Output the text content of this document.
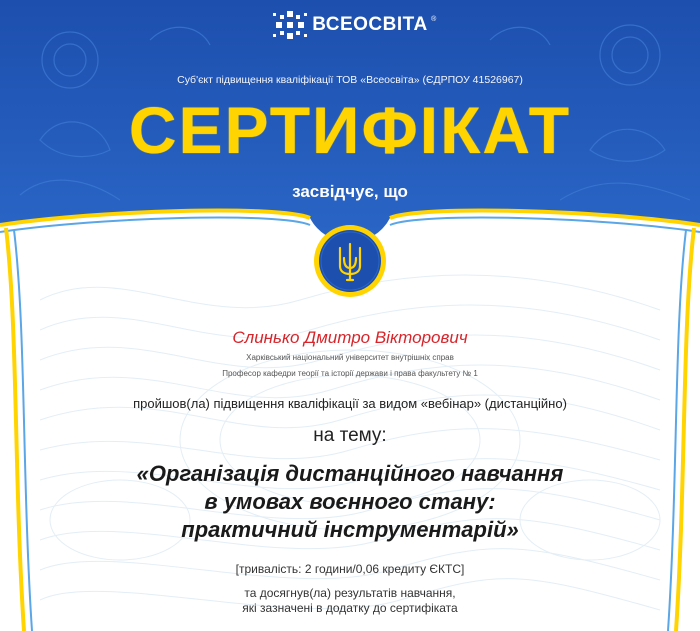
ВСЕОСВІТА ®
Суб'єкт підвищення кваліфікації ТОВ «Всеосвіта» (ЄДРПОУ 41526967)
СЕРТИФІКАТ
засвідчує, що
Слинько Дмитро Вікторович
Харківський національний університет внутрішніх справ
Професор кафедри теорії та історії держави і права факультету № 1
пройшов(ла) підвищення кваліфікації за видом «вебінар» (дистанційно)
на тему:
«Організація дистанційного навчання
в умовах воєнного стану:
практичний інструментарій»
[тривалість: 2 години/0,06 кредиту ЄКТС]
та досягнув(ла) результатів навчання,
які зазначені в додатку до сертифіката
